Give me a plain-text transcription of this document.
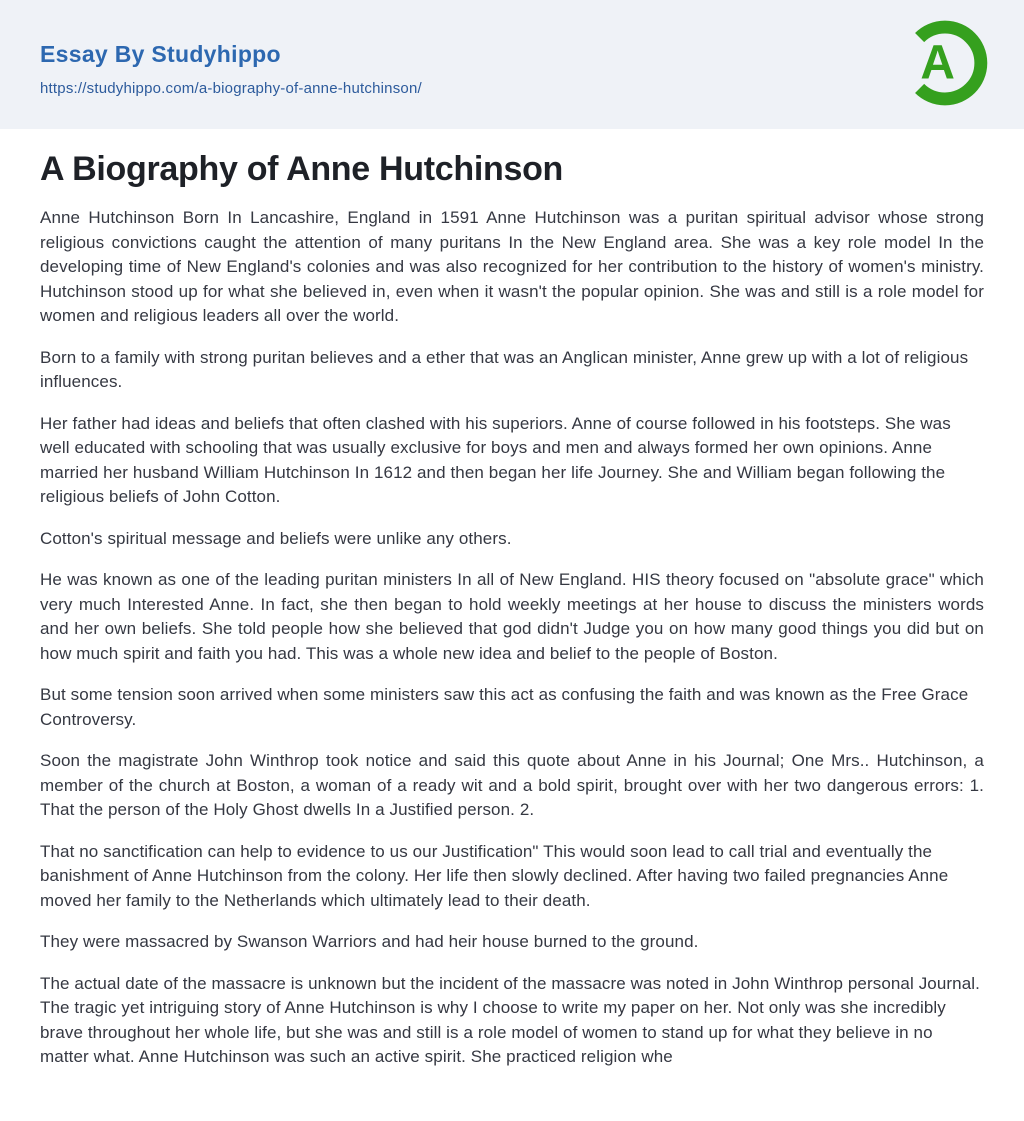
Essay By Studyhippo
https://studyhippo.com/a-biography-of-anne-hutchinson/	A
A Biography of Anne Hutchinson

Anne Hutchinson Born In Lancashire, England in 1591 Anne Hutchinson was a puritan spiritual advisor whose strong religious convictions caught the attention of many puritans In the New England area. She was a key role model In the developing time of New England's colonies and was also recognized for her contribution to the history of women's ministry. Hutchinson stood up for what she believed in, even when it wasn't the popular opinion. She was and still is a role model for women and religious leaders all over the world.

Born to a family with strong puritan believes and a ether that was an Anglican minister, Anne grew up with a lot of religious influences.

Her father had ideas and beliefs that often clashed with his superiors. Anne of course followed in his footsteps. She was well educated with schooling that was usually exclusive for boys and men and always formed her own opinions. Anne married her husband William Hutchinson In 1612 and then began her life Journey. She and William began following the religious beliefs of John Cotton.

Cotton's spiritual message and beliefs were unlike any others.

He was known as one of the leading puritan ministers In all of New England. HIS theory focused on "absolute grace" which very much Interested Anne. In fact, she then began to hold weekly meetings at her house to discuss the ministers words and her own beliefs. She told people how she believed that god didn't Judge you on how many good things you did but on how much spirit and faith you had. This was a whole new idea and belief to the people of Boston.

But some tension soon arrived when some ministers saw this act as confusing the faith and was known as the Free Grace Controversy.

Soon the magistrate John Winthrop took notice and said this quote about Anne in his Journal; One Mrs.. Hutchinson, a member of the church at Boston, a woman of a ready wit and a bold spirit, brought over with her two dangerous errors: 1. That the person of the Holy Ghost dwells In a Justified person. 2.

That no sanctification can help to evidence to us our Justification" This would soon lead to call trial and eventually the banishment of Anne Hutchinson from the colony. Her life then slowly declined. After having two failed pregnancies Anne moved her family to the Netherlands which ultimately lead to their death.

They were massacred by Swanson Warriors and had heir house burned to the ground.

The actual date of the massacre is unknown but the incident of the massacre was noted in John Winthrop personal Journal. The tragic yet intriguing story of Anne Hutchinson is why I choose to write my paper on her. Not only was she incredibly brave throughout her whole life, but she was and still is a role model of women to stand up for what they believe in no matter what. Anne Hutchinson was such an active spirit. She practiced religion whe
